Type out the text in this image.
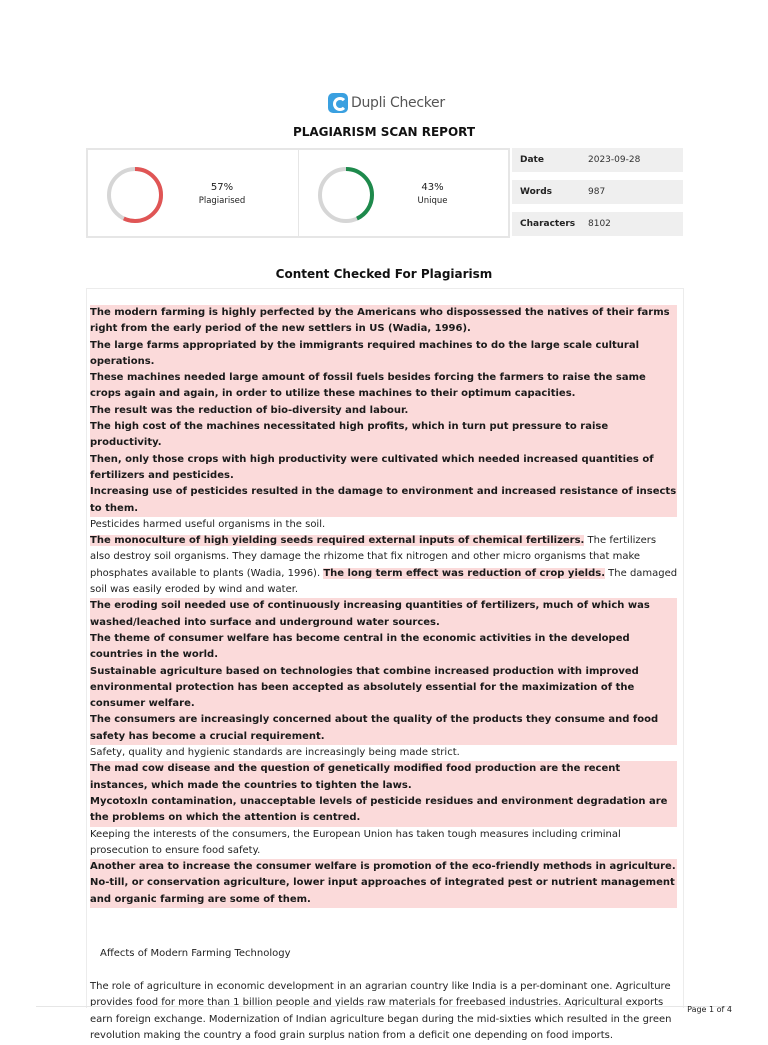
Dupli Checker
PLAGIARISM SCAN REPORT
57%
Plagiarised
43%
Unique
Date	2023-09-28
Words	987
Characters	8102
Content Checked For Plagiarism
The modern farming is highly perfected by the Americans who dispossessed the natives of their farms right from the early period of the new settlers in US (Wadia, 1996).
The large farms appropriated by the immigrants required machines to do the large scale cultural operations.
These machines needed large amount of fossil fuels besides forcing the farmers to raise the same crops again and again, in order to utilize these machines to their optimum capacities.
The result was the reduction of bio-diversity and labour.
The high cost of the machines necessitated high profits, which in turn put pressure to raise productivity.
Then, only those crops with high productivity were cultivated which needed increased quantities of fertilizers and pesticides.
Increasing use of pesticides resulted in the damage to environment and increased resistance of insects to them.
Pesticides harmed useful organisms in the soil.
The monoculture of high yielding seeds required external inputs of chemical fertilizers. The fertilizers also destroy soil organisms. They damage the rhizome that fix nitrogen and other micro organisms that make phosphates available to plants (Wadia, 1996). The long term effect was reduction of crop yields. The damaged soil was easily eroded by wind and water.
The eroding soil needed use of continuously increasing quantities of fertilizers, much of which was washed/leached into surface and underground water sources.
The theme of consumer welfare has become central in the economic activities in the developed countries in the world.
Sustainable agriculture based on technologies that combine increased production with improved environmental protection has been accepted as absolutely essential for the maximization of the consumer welfare.
The consumers are increasingly concerned about the quality of the products they consume and food safety has become a crucial requirement.
Safety, quality and hygienic standards are increasingly being made strict.
The mad cow disease and the question of genetically modified food production are the recent instances, which made the countries to tighten the laws.
Mycotoxln contamination, unacceptable levels of pesticide residues and environment degradation are the problems on which the attention is centred.
Keeping the interests of the consumers, the European Union has taken tough measures including criminal prosecution to ensure food safety.
Another area to increase the consumer welfare is promotion of the eco-friendly methods in agriculture.
No-till, or conservation agriculture, lower input approaches of integrated pest or nutrient management and organic farming are some of them.
Affects of Modern Farming Technology
The role of agriculture in economic development in an agrarian country like India is a per-dominant one. Agriculture provides food for more than 1 billion people and yields raw materials for freebased industries. Agricultural exports earn foreign exchange. Modernization of Indian agriculture began during the mid-sixties which resulted in the green revolution making the country a food grain surplus nation from a deficit one depending on food imports.
Page 1 of 4
